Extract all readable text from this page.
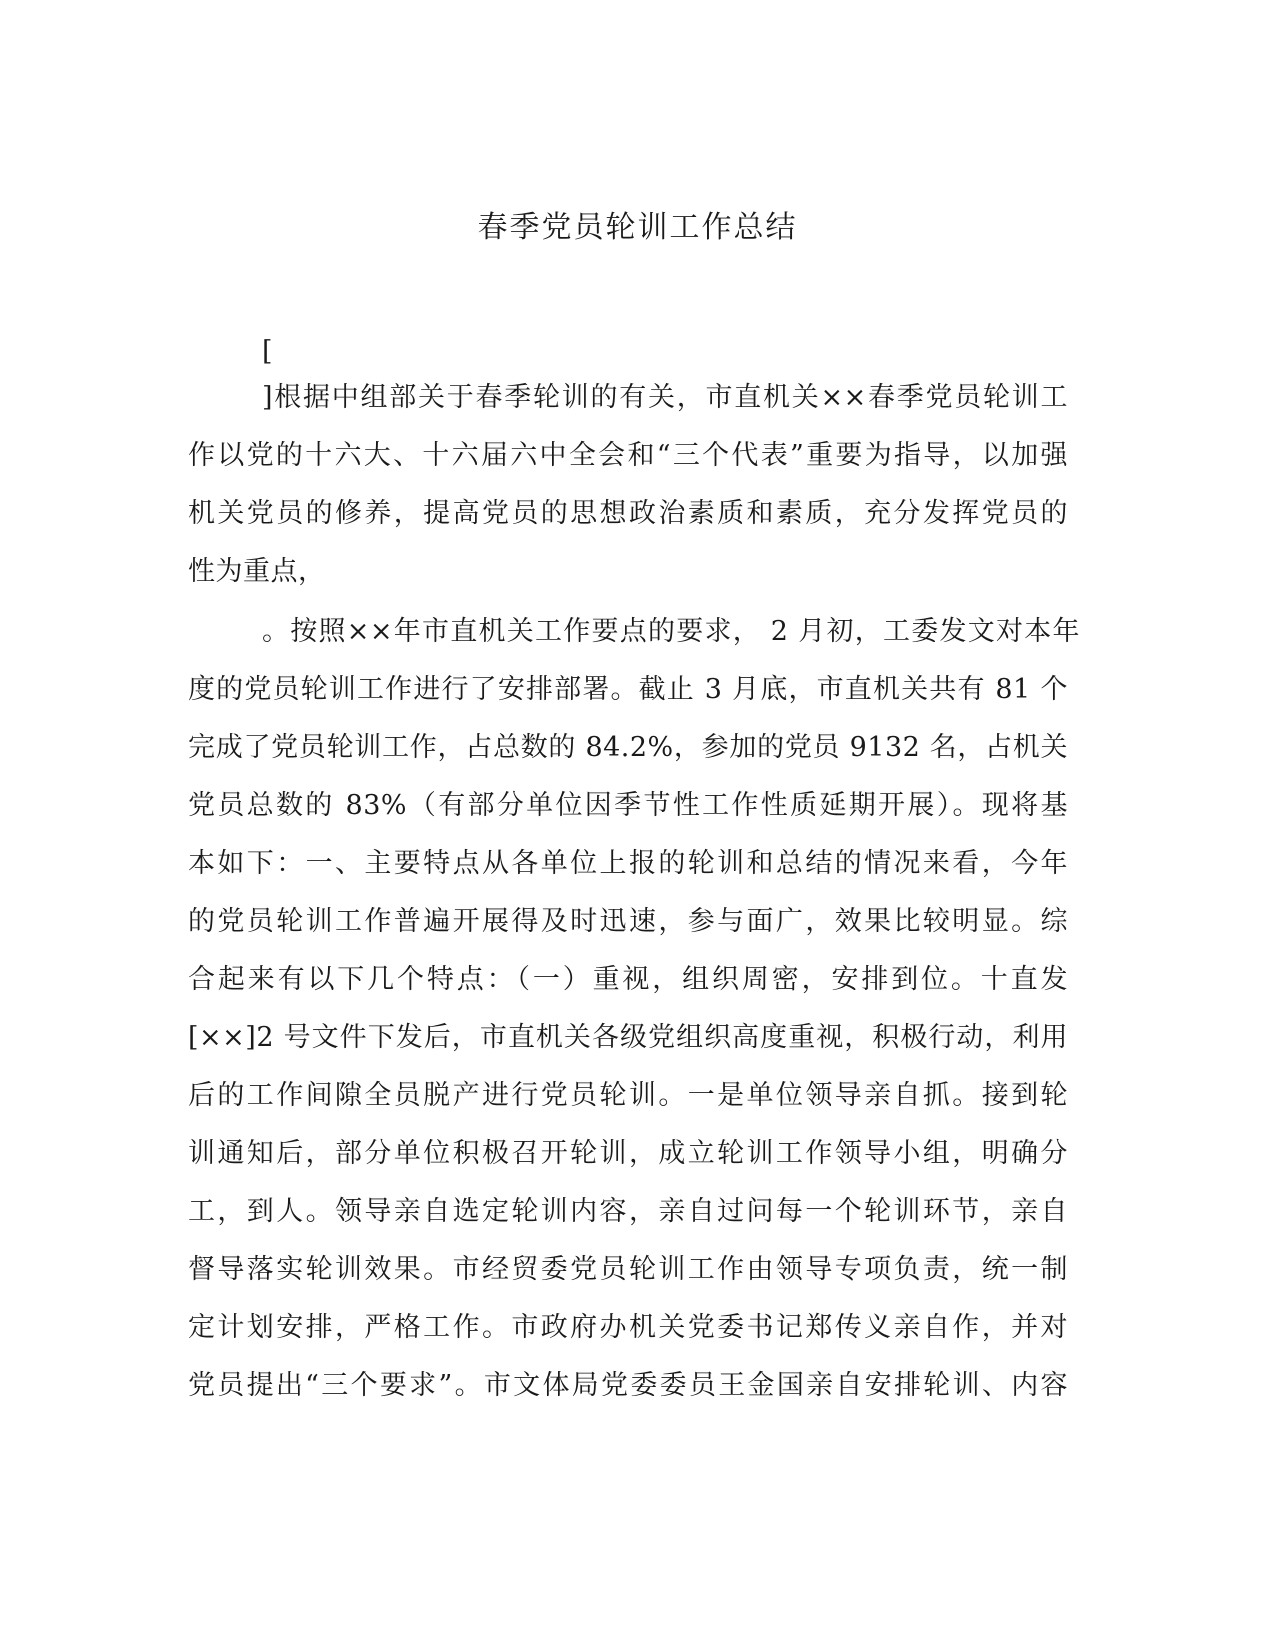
春季党员轮训工作总结
[
]根据中组部关于春季轮训的有关，市直机关××春季党员轮训工
作以党的十六大、十六届六中全会和“三个代表”重要为指导，以加强
机关党员的修养，提高党员的思想政治素质和素质，充分发挥党员的
性为重点，
。按照××年市直机关工作要点的要求， 2 月初，工委发文对本年
度的党员轮训工作进行了安排部署。截止 3 月底，市直机关共有 81 个
完成了党员轮训工作，占总数的 84.2%，参加的党员 9132 名，占机关
党员总数的 83%（有部分单位因季节性工作性质延期开展）。现将基
本如下：一、主要特点从各单位上报的轮训和总结的情况来看，今年
的党员轮训工作普遍开展得及时迅速，参与面广，效果比较明显。综
合起来有以下几个特点：（一）重视，组织周密，安排到位。十直发
[××]2 号文件下发后，市直机关各级党组织高度重视，积极行动，利用
后的工作间隙全员脱产进行党员轮训。一是单位领导亲自抓。接到轮
训通知后，部分单位积极召开轮训，成立轮训工作领导小组，明确分
工，到人。领导亲自选定轮训内容，亲自过问每一个轮训环节，亲自
督导落实轮训效果。市经贸委党员轮训工作由领导专项负责，统一制
定计划安排，严格工作。市政府办机关党委书记郑传义亲自作，并对
党员提出“三个要求”。市文体局党委委员王金国亲自安排轮训、内容
